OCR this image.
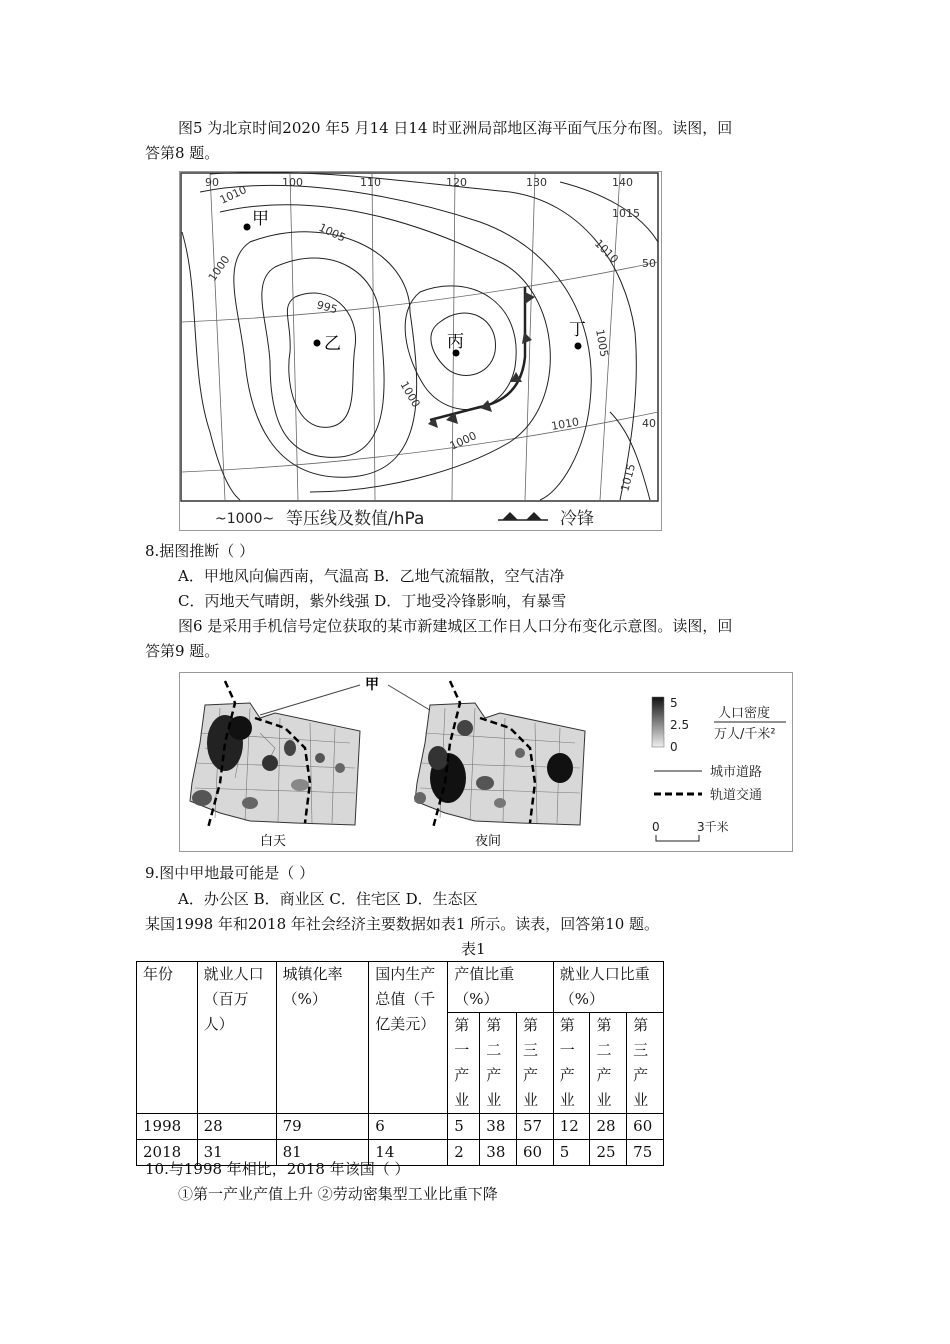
图5 为北京时间2020 年5 月14 日14 时亚洲局部地区海平面气压分布图。读图，回
答第8 题。
90	100	110	120	130	140
50
40
1010
1005
1000
995
1000
1000
1010
1005
1015
1010
1015
甲
乙	丙
丁
~1000~ 等压线及数值/hPa	冷锋
8.据图推断（ ）
A．甲地风向偏西南，气温高 B．乙地气流辐散，空气洁净
C．丙地天气晴朗，紫外线强 D．丁地受冷锋影响，有暴雪
图6 是采用手机信号定位获取的某市新建城区工作日人口分布变化示意图。读图，回
答第9 题。
甲
白天	夜间
5
2.5
0
人口密度
万人/千米²
城市道路
轨道交通
0	3千米
9.图中甲地最可能是（ ）
A．办公区 B．商业区 C．住宅区 D．生态区
某国1998 年和2018 年社会经济主要数据如表1 所示。读表，回答第10 题。
表1
年份	就业人口（百万人）	城镇化率（%）	国内生产总值（千亿美元）	产值比重（%）			就业人口比重（%）		
				第一产业	第二产业	第三产业	第一产业	第二产业	第三产业
1998	28	79	6	5	38	57	12	28	60
2018	31	81	14	2	38	60	5	25	75
10.与1998 年相比，2018 年该国（ ）
①第一产业产值上升 ②劳动密集型工业比重下降
